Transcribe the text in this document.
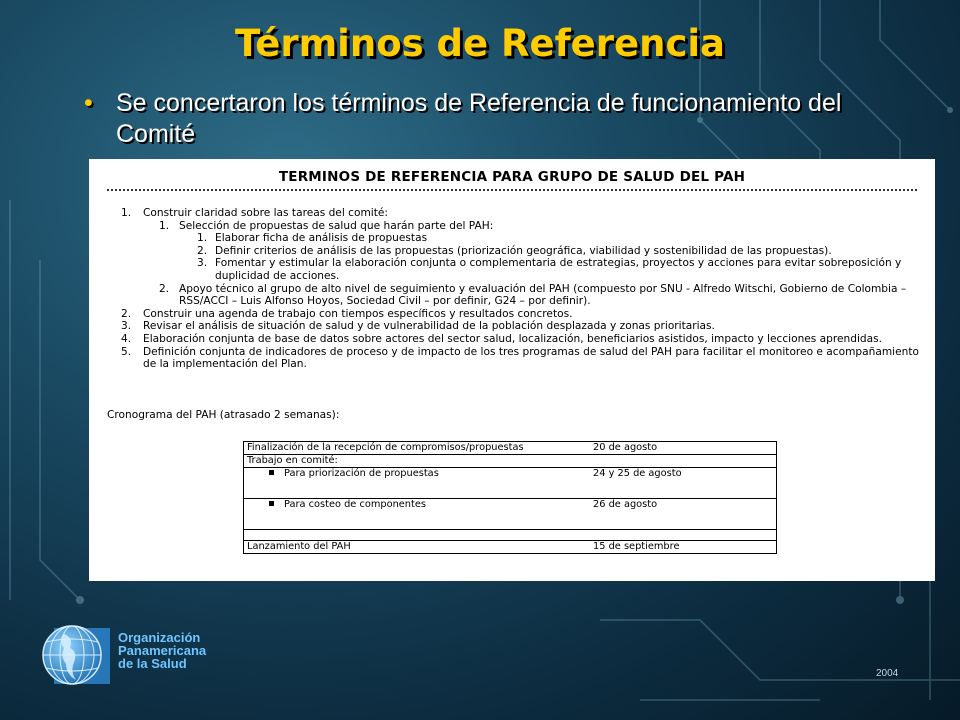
Términos de Referencia
• Se concertaron los términos de Referencia de funcionamiento del Comité
TERMINOS DE REFERENCIA PARA GRUPO DE SALUD DEL PAH
1.	Construir claridad sobre las tareas del comité:
1. Selección de propuestas de salud que harán parte del PAH:
1. Elaborar ficha de análisis de propuestas
2. Definir criterios de análisis de las propuestas (priorización geográfica, viabilidad y sostenibilidad de las propuestas).
3. Fomentar y estimular la elaboración conjunta o complementaria de estrategias, proyectos y acciones para evitar sobreposición y duplicidad de acciones.
2. Apoyo técnico al grupo de alto nivel de seguimiento y evaluación del PAH (compuesto por SNU - Alfredo Witschi, Gobierno de Colombia – RSS/ACCI – Luis Alfonso Hoyos, Sociedad Civil – por definir, G24 – por definir).
2.	Construir una agenda de trabajo con tiempos específicos y resultados concretos.
3.	Revisar el análisis de situación de salud y de vulnerabilidad de la población desplazada y zonas prioritarias.
4.	Elaboración conjunta de base de datos sobre actores del sector salud, localización, beneficiarios asistidos, impacto y lecciones aprendidas.
5.	Definición conjunta de indicadores de proceso y de impacto de los tres programas de salud del PAH para facilitar el monitoreo e acompañamiento de la implementación del Plan.
Cronograma del PAH (atrasado 2 semanas):
Finalización de la recepción de compromisos/propuestas	20 de agosto
Trabajo en comité:	
Para priorización de propuestas	24 y 25 de agosto
Para costeo de componentes	26 de agosto

Lanzamiento del PAH	15 de septiembre
Organización
Panamericana
de la Salud
2004
